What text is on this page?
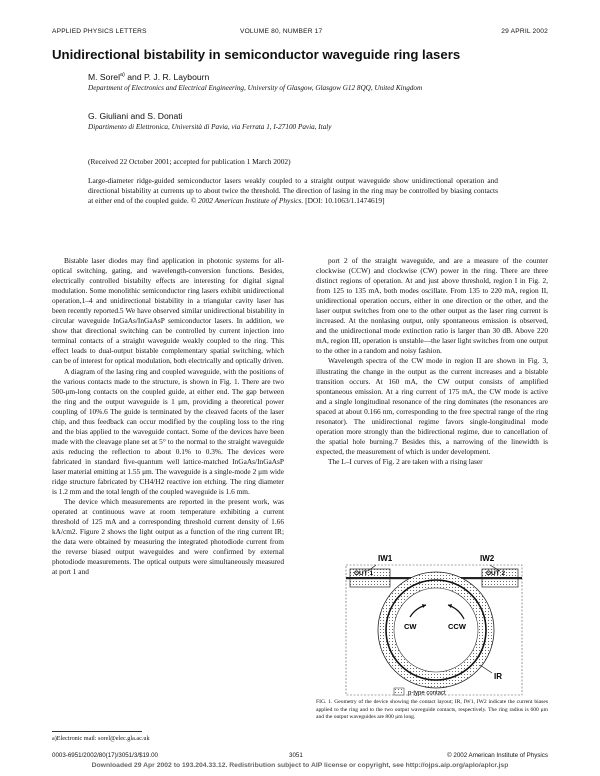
APPLIED PHYSICS LETTERS	VOLUME 80, NUMBER 17	29 APRIL 2002
Unidirectional bistability in semiconductor waveguide ring lasers
M. Sorel$^{a)}$ and P. J. R. Laybourn
Department of Electronics and Electrical Engineering, University of Glasgow, Glasgow G12 8QQ, United Kingdom
G. Giuliani and S. Donati
Dipartimento di Elettronica, Università di Pavia, via Ferrata 1, I-27100 Pavia, Italy
(Received 22 October 2001; accepted for publication 1 March 2002)
Large-diameter ridge-guided semiconductor lasers weakly coupled to a straight output waveguide show unidirectional operation and directional bistability at currents up to about twice the threshold. The direction of lasing in the ring may be controlled by biasing contacts at either end of the coupled guide. © 2002 American Institute of Physics. [DOI: 10.1063/1.1474619]

Bistable laser diodes may find application in photonic systems for all-optical switching, gating, and wavelength-conversion functions. Besides, electrically controlled bistabilty effects are interesting for digital signal modulation. Some monolithic semiconductor ring lasers exhibit unidirectional operation,1–4 and unidirectional bistability in a triangular cavity laser has been recently reported.5 We have observed similar unidirectional bistability in circular waveguide InGaAs/InGaAsP semiconductor lasers. In addition, we show that directional switching can be controlled by current injection into terminal contacts of a straight waveguide weakly coupled to the ring. This effect leads to dual-output bistable complementary spatial switching, which can be of interest for optical modulation, both electrically and optically driven.

A diagram of the lasing ring and coupled waveguide, with the positions of the various contacts made to the structure, is shown in Fig. 1. There are two 500-μm-long contacts on the coupled guide, at either end. The gap between the ring and the output waveguide is 1 μm, providing a theoretical power coupling of 10%.6 The guide is terminated by the cleaved facets of the laser chip, and thus feedback can occur modified by the coupling loss to the ring and the bias applied to the waveguide contact. Some of the devices have been made with the cleavage plane set at 5° to the normal to the straight waveguide axis reducing the reflection to about 0.1% to 0.3%. The devices were fabricated in standard five-quantum well lattice-matched InGaAs/InGaAsP laser material emitting at 1.55 μm. The waveguide is a single-mode 2 μm wide ridge structure fabricated by CH4/H2 reactive ion etching. The ring diameter is 1.2 mm and the total length of the coupled waveguide is 1.6 mm.

The device which measurements are reported in the present work, was operated at continuous wave at room temperature exhibiting a current threshold of 125 mA and a corresponding threshold current density of 1.66 kA/cm2. Figure 2 shows the light output as a function of the ring current IR; the data were obtained by measuring the integrated photodiode current from the reverse biased output waveguides and were confirmed by external photodiode measurements. The optical outputs were simultaneously measured at port 1 and

port 2 of the straight waveguide, and are a measure of the counter clockwise (CCW) and clockwise (CW) power in the ring. There are three distinct regions of operation. At and just above threshold, region I in Fig. 2, from 125 to 135 mA, both modes oscillate. From 135 to 220 mA, region II, unidirectional operation occurs, either in one direction or the other, and the laser output switches from one to the other output as the laser ring current is increased. At the nonlasing output, only spontaneous emission is observed, and the unidirectional mode extinction ratio is larger than 30 dB. Above 220 mA, region III, operation is unstable—the laser light switches from one output to the other in a random and noisy fashion.

Wavelength spectra of the CW mode in region II are shown in Fig. 3, illustrating the change in the output as the current increases and a bistable transition occurs. At 160 mA, the CW output consists of amplified spontaneous emission. At a ring current of 175 mA, the CW mode is active and a single longitudinal resonance of the ring dominates (the resonances are spaced at about 0.166 nm, corresponding to the free spectral range of the ring resonator). The unidirectional regime favors single-longitudinal mode operation more strongly than the bidirectional regime, due to cancellation of the spatial hole burning.7 Besides this, a narrowing of the linewidth is expected, the measurement of which is under development.

The L–I curves of Fig. 2 are taken with a rising laser

IW1	IW2
OUT 1	OUT 2
CW	CCW
IR
p-type contact
FIG. 1. Geometry of the device showing the contact layout; IR, IW1, IW2 indicate the current biases applied to the ring and to the two output waveguide contacts, respectively. The ring radius is 600 μm and the output waveguides are 800 μm long.
a)Electronic mail: sorel@elec.gla.ac.uk
0003-6951/2002/80(17)/3051/3/$19.00	3051	© 2002 American Institute of Physics
Downloaded 29 Apr 2002 to 193.204.33.12. Redistribution subject to AIP license or copyright, see http://ojps.aip.org/aplo/aplcr.jsp
